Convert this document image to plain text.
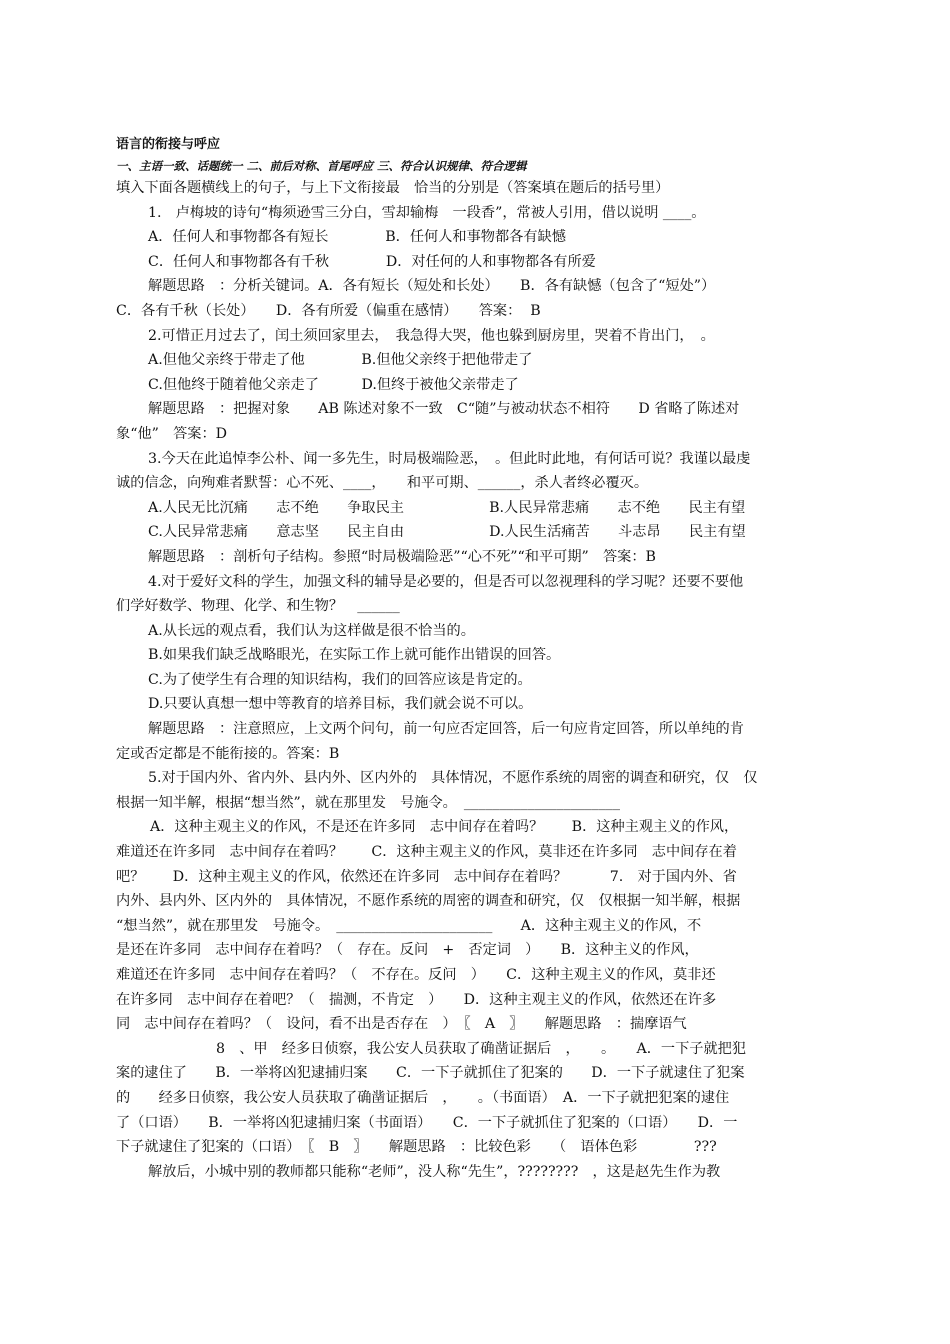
语言的衔接与呼应
一、主语一致、话题统一 二、前后对称、首尾呼应 三、符合认识规律、符合逻辑
填入下面各题横线上的句子，与上下文衔接最　恰当的分别是（答案填在题后的括号里）
1.　卢梅坡的诗句“梅须逊雪三分白，雪却输梅　一段香”，常被人引用，借以说明 ____。
A．任何人和事物都各有短长　　　　B．任何人和事物都各有缺憾
C．任何人和事物都各有千秋　　　　D．对任何的人和事物都各有所爱
解题思路　：分析关键词。A．各有短长（短处和长处）　　B．各有缺憾（包含了“短处”）
C．各有千秋（长处）　　D．各有所爱（偏重在感情）　　答案：  B
2.可惜正月过去了，闰土须回家里去，　我急得大哭，他也躲到厨房里，哭着不肯出门，　。
A.但他父亲终于带走了他　　　　B.但他父亲终于把他带走了
C.但他终于随着他父亲走了　　　D.但终于被他父亲带走了
解题思路　：把握对象　　AB 陈述对象不一致　C“随”与被动状态不相符　　D 省略了陈述对
象“他”　答案：D
3.今天在此追悼李公朴、闻一多先生，时局极端险恶，　。但此时此地，有何话可说？我谨以最虔
诚的信念，向殉难者默誓：心不死、____，　　和平可期、______，杀人者终必覆灭。
A.人民无比沉痛　　志不绝　　争取民主　　　　　　B.人民异常悲痛　　志不绝　　民主有望
C.人民异常悲痛　　意志坚　　民主自由　　　　　　D.人民生活痛苦　　斗志昂　　民主有望
解题思路　：剖析句子结构。参照“时局极端险恶”“心不死”“和平可期”　答案：B
4.对于爱好文科的学生，加强文科的辅导是必要的，但是否可以忽视理科的学习呢？还要不要他
们学好数学、物理、化学、和生物？　______
A.从长远的观点看，我们认为这样做是很不恰当的。
B.如果我们缺乏战略眼光，在实际工作上就可能作出错误的回答。
C.为了使学生有合理的知识结构，我们的回答应该是肯定的。
D.只要认真想一想中等教育的培养目标，我们就会说不可以。
解题思路　：注意照应，上文两个问句，前一句应否定回答，后一句应肯定回答，所以单纯的肯
定或否定都是不能衔接的。答案：B
5.对于国内外、省内外、县内外、区内外的　具体情况，不愿作系统的周密的调查和研究，仅　仅
根据一知半解，根据“想当然”，就在那里发　号施令。　______________________
A．这种主观主义的作风，不是还在许多同　志中间存在着吗？　　B．这种主观主义的作风，
难道还在许多同　志中间存在着吗？　　C．这种主观主义的作风，莫非还在许多同　志中间存在着
吧？　　D．这种主观主义的作风，依然还在许多同　志中间存在着吗？　　　7.　对于国内外、省
内外、县内外、区内外的　具体情况，不愿作系统的周密的调查和研究，仅　仅根据一知半解，根据
“想当然”，就在那里发　号施令。　______________________　　A．这种主观主义的作风，不
是还在许多同　志中间存在着吗？（　存在。反问　+　否定词　）　　B．这种主义的作风，
难道还在许多同　志中间存在着吗？（　不存在。反问　）　　C．这种主观主义的作风，莫非还
在许多同　志中间存在着吧？（　揣测，不肯定　）　　D．这种主观主义的作风，依然还在许多
同　志中间存在着吗？（　设问，看不出是否存在　）　〖　A　〗　　解题思路　：揣摩语气
8　、甲　经多日侦察，我公安人员获取了确凿证据后　，　　。　　A．一下子就把犯
案的逮住了　　B．一举将凶犯逮捕归案　　C．一下子就抓住了犯案的　　D．一下子就逮住了犯案
的　　经多日侦察，我公安人员获取了确凿证据后　，　　。（书面语）　A．一下子就把犯案的逮住
了（口语）　　B．一举将凶犯逮捕归案（书面语）　　C．一下子就抓住了犯案的（口语）　　D．一
下子就逮住了犯案的（口语）　〖　B　〗　　解题思路　：比较色彩　　（　语体色彩　　　　???
解放后，小城中别的教师都只能称“老师”，没人称“先生”，????????　，这是赵先生作为教
